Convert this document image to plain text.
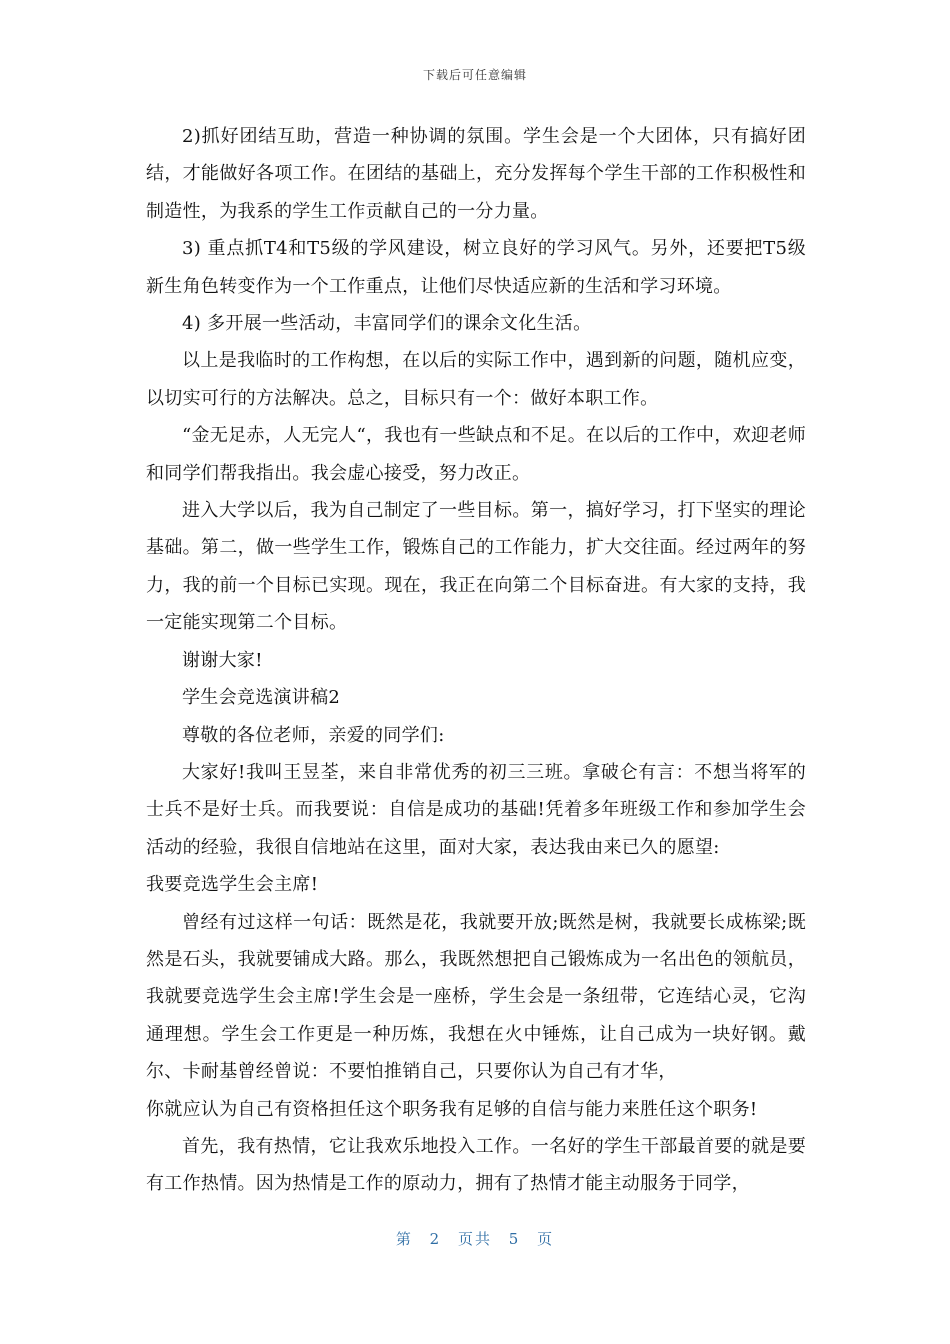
下载后可任意编辑

2)抓好团结互助，营造一种协调的氛围。学生会是一个大团体，只有搞好团结，才能做好各项工作。在团结的基础上，充分发挥每个学生干部的工作积极性和制造性，为我系的学生工作贡献自己的一分力量。

3) 重点抓T4和T5级的学风建设，树立良好的学习风气。另外，还要把T5级新生角色转变作为一个工作重点，让他们尽快适应新的生活和学习环境。

4) 多开展一些活动，丰富同学们的课余文化生活。

以上是我临时的工作构想，在以后的实际工作中，遇到新的问题，随机应变，以切实可行的方法解决。总之，目标只有一个：做好本职工作。

“金无足赤，人无完人“，我也有一些缺点和不足。在以后的工作中，欢迎老师和同学们帮我指出。我会虚心接受，努力改正。

进入大学以后，我为自己制定了一些目标。第一，搞好学习，打下坚实的理论基础。第二，做一些学生工作，锻炼自己的工作能力，扩大交往面。经过两年的努力，我的前一个目标已实现。现在，我正在向第二个目标奋进。有大家的支持，我一定能实现第二个目标。

谢谢大家!

学生会竞选演讲稿2

尊敬的各位老师，亲爱的同学们:

大家好!我叫王昱荃，来自非常优秀的初三三班。拿破仑有言：不想当将军的士兵不是好士兵。而我要说：自信是成功的基础!凭着多年班级工作和参加学生会活动的经验，我很自信地站在这里，面对大家，表达我由来已久的愿望:

我要竞选学生会主席!

曾经有过这样一句话：既然是花，我就要开放;既然是树，我就要长成栋梁;既然是石头，我就要铺成大路。那么，我既然想把自己锻炼成为一名出色的领航员，我就要竞选学生会主席!学生会是一座桥，学生会是一条纽带，它连结心灵，它沟通理想。学生会工作更是一种历炼，我想在火中锤炼，让自己成为一块好钢。戴尔、卡耐基曾经曾说：不要怕推销自己，只要你认为自己有才华，

你就应认为自己有资格担任这个职务我有足够的自信与能力来胜任这个职务!

首先，我有热情，它让我欢乐地投入工作。一名好的学生干部最首要的就是要有工作热情。因为热情是工作的原动力，拥有了热情才能主动服务于同学，

第 2 页共 5 页
